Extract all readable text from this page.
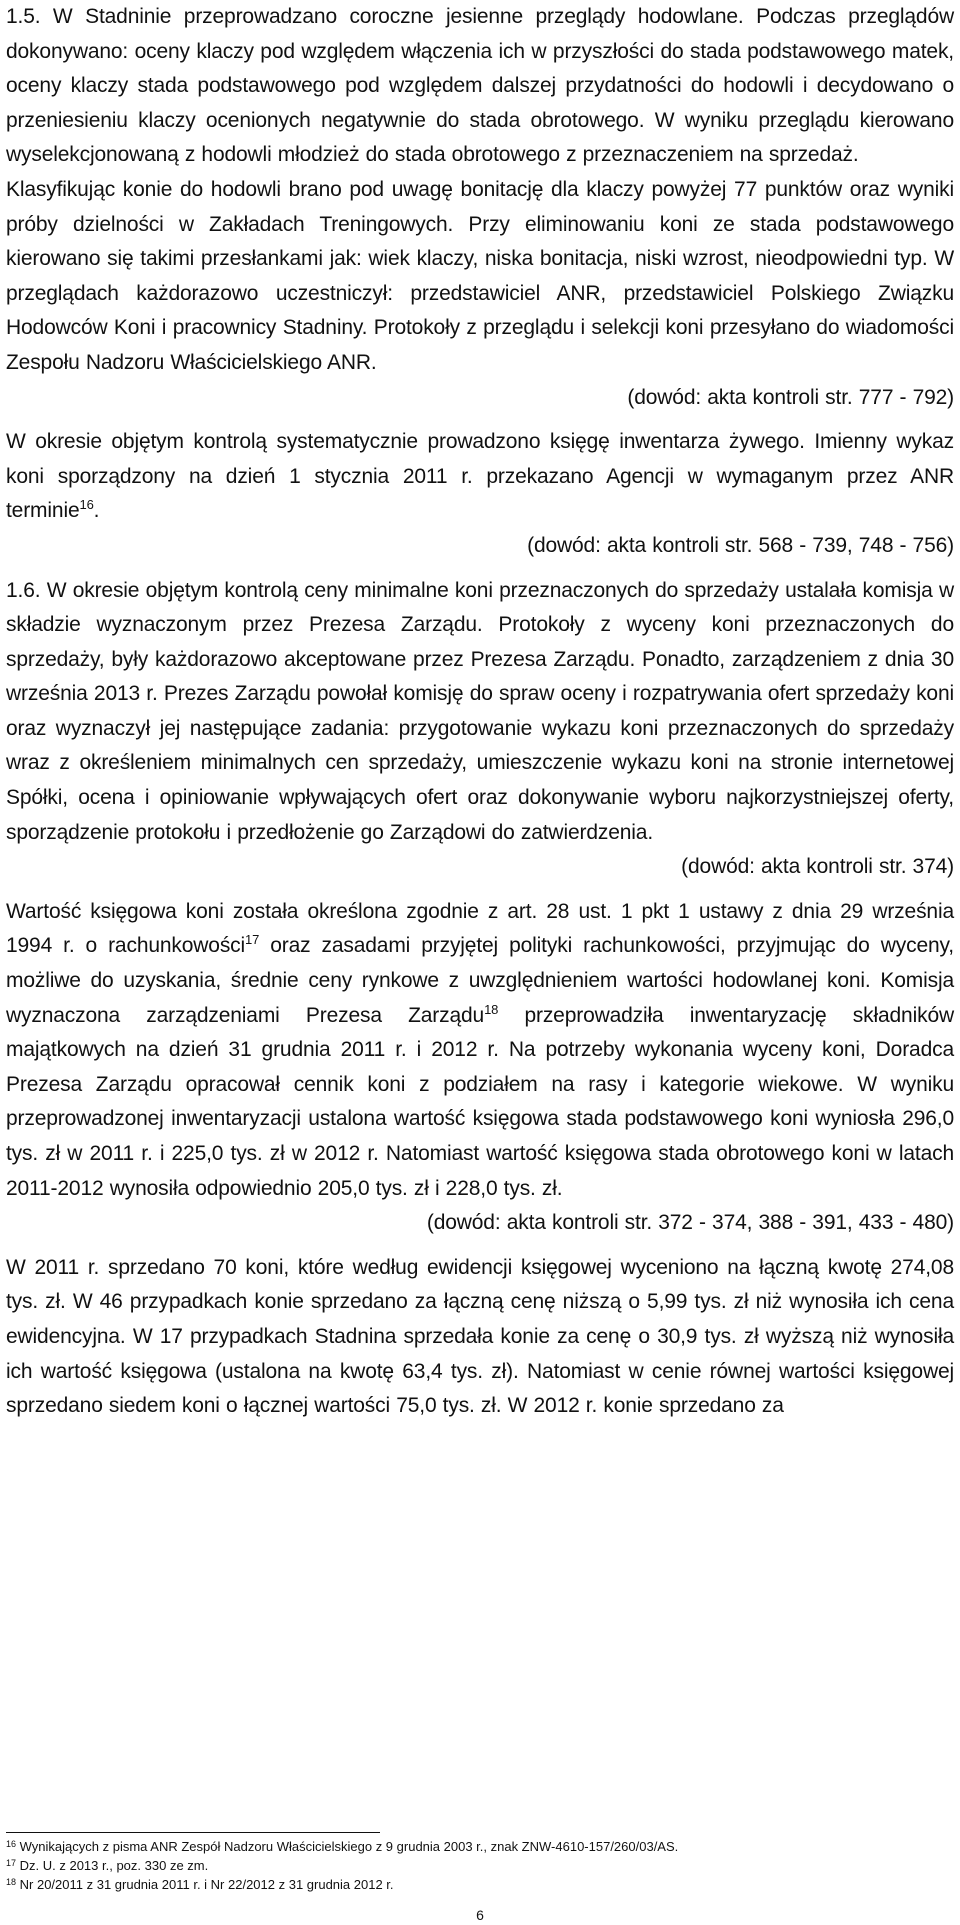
1.5. W Stadninie przeprowadzano coroczne jesienne przeglądy hodowlane. Podczas przeglądów dokonywano: oceny klaczy pod względem włączenia ich w przyszłości do stada podstawowego matek, oceny klaczy stada podstawowego pod względem dalszej przydatności do hodowli i decydowano o przeniesieniu klaczy ocenionych negatywnie do stada obrotowego. W wyniku przeglądu kierowano wyselekcjonowaną z hodowli młodzież do stada obrotowego z przeznaczeniem na sprzedaż.

Klasyfikując konie do hodowli brano pod uwagę bonitację dla klaczy powyżej 77 punktów oraz wyniki próby dzielności w Zakładach Treningowych. Przy eliminowaniu koni ze stada podstawowego kierowano się takimi przesłankami jak: wiek klaczy, niska bonitacja, niski wzrost, nieodpowiedni typ. W przeglądach każdorazowo uczestniczył: przedstawiciel ANR, przedstawiciel Polskiego Związku Hodowców Koni i pracownicy Stadniny. Protokoły z przeglądu i selekcji koni przesyłano do wiadomości Zespołu Nadzoru Właścicielskiego ANR.

(dowód: akta kontroli str. 777 - 792)

W okresie objętym kontrolą systematycznie prowadzono księgę inwentarza żywego. Imienny wykaz koni sporządzony na dzień 1 stycznia 2011 r. przekazano Agencji w wymaganym przez ANR terminie$^{16}$.

(dowód: akta kontroli str. 568 - 739, 748 - 756)

1.6. W okresie objętym kontrolą ceny minimalne koni przeznaczonych do sprzedaży ustalała komisja w składzie wyznaczonym przez Prezesa Zarządu. Protokoły z wyceny koni przeznaczonych do sprzedaży, były każdorazowo akceptowane przez Prezesa Zarządu. Ponadto, zarządzeniem z dnia 30 września 2013 r. Prezes Zarządu powołał komisję do spraw oceny i rozpatrywania ofert sprzedaży koni oraz wyznaczył jej następujące zadania: przygotowanie wykazu koni przeznaczonych do sprzedaży wraz z określeniem minimalnych cen sprzedaży, umieszczenie wykazu koni na stronie internetowej Spółki, ocena i opiniowanie wpływających ofert oraz dokonywanie wyboru najkorzystniejszej oferty, sporządzenie protokołu i przedłożenie go Zarządowi do zatwierdzenia.

(dowód: akta kontroli str. 374)

Wartość księgowa koni została określona zgodnie z art. 28 ust. 1 pkt 1 ustawy z dnia 29 września 1994 r. o rachunkowości$^{17}$ oraz zasadami przyjętej polityki rachunkowości, przyjmując do wyceny, możliwe do uzyskania, średnie ceny rynkowe z uwzględnieniem wartości hodowlanej koni. Komisja wyznaczona zarządzeniami Prezesa Zarządu$^{18}$ przeprowadziła inwentaryzację składników majątkowych na dzień 31 grudnia 2011 r. i 2012 r. Na potrzeby wykonania wyceny koni, Doradca Prezesa Zarządu opracował cennik koni z podziałem na rasy i kategorie wiekowe. W wyniku przeprowadzonej inwentaryzacji ustalona wartość księgowa stada podstawowego koni wyniosła 296,0 tys. zł w 2011 r. i 225,0 tys. zł w 2012 r. Natomiast wartość księgowa stada obrotowego koni w latach 2011-2012 wynosiła odpowiednio 205,0 tys. zł i 228,0 tys. zł.

(dowód: akta kontroli str. 372 - 374, 388 - 391, 433 - 480)

W 2011 r. sprzedano 70 koni, które według ewidencji księgowej wyceniono na łączną kwotę 274,08 tys. zł. W 46 przypadkach konie sprzedano za łączną cenę niższą o 5,99 tys. zł niż wynosiła ich cena ewidencyjna. W 17 przypadkach Stadnina sprzedała konie za cenę o 30,9 tys. zł wyższą niż wynosiła ich wartość księgowa (ustalona na kwotę 63,4 tys. zł). Natomiast w cenie równej wartości księgowej sprzedano siedem koni o łącznej wartości 75,0 tys. zł. W 2012 r. konie sprzedano za

$^{16}$ Wynikających z pisma ANR Zespół Nadzoru Właścicielskiego z 9 grudnia 2003 r., znak ZNW-4610-157/260/03/AS.

$^{17}$ Dz. U. z 2013 r., poz. 330 ze zm.

$^{18}$ Nr 20/2011 z 31 grudnia 2011 r. i Nr 22/2012 z 31 grudnia 2012 r.

6
